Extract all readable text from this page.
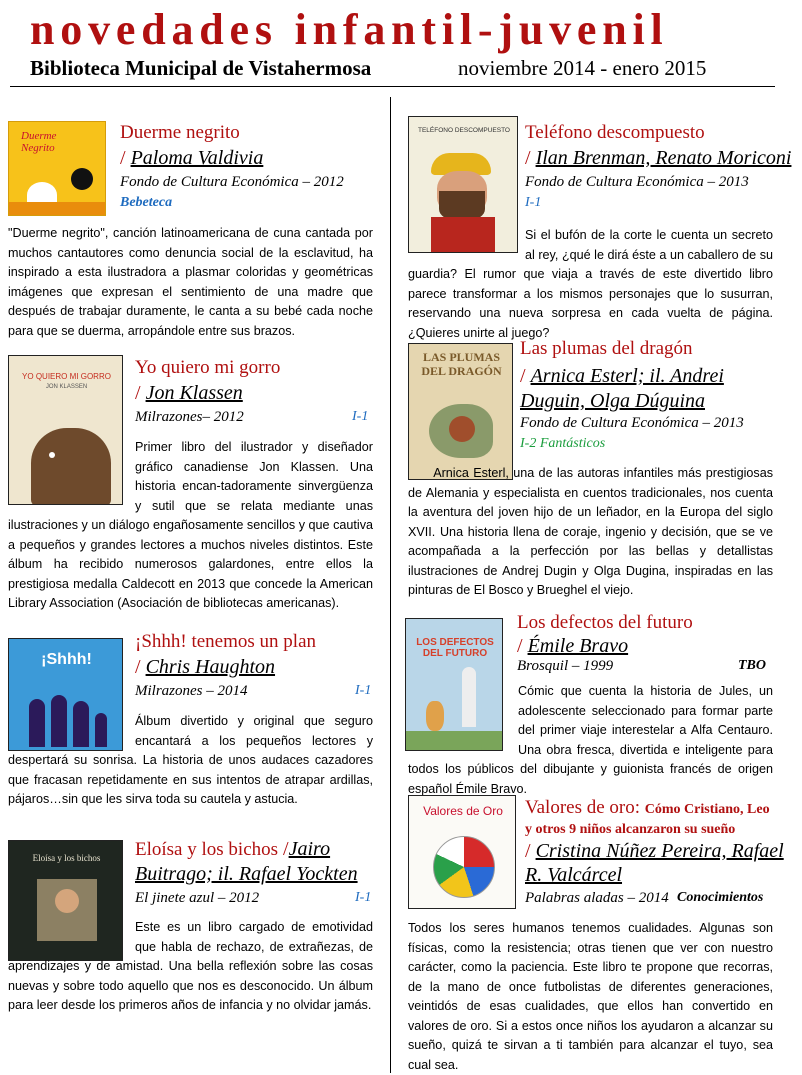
novedades infantil-juvenil
Biblioteca Municipal de Vistahermosa	noviembre 2014 - enero 2015
Duerme Negrito
Duerme negrito
/ Paloma Valdivia
Fondo de Cultura Económica – 2012
Bebeteca
"Duerme negrito", canción latinoamericana de cuna cantada por muchos cantautores como denuncia social de la esclavitud, ha inspirado a esta ilustradora a plasmar coloridas y geométricas imágenes que expresan el sentimiento de una madre que después de trabajar duramente, le canta a su bebé cada noche para que se duerma, arropándole entre sus brazos.
YO QUIERO MI GORRO
JON KLASSEN
Yo quiero mi gorro
/ Jon Klassen
Milrazones– 2012	I-1
Primer libro del ilustrador y diseñador gráfico canadiense Jon Klassen. Una historia encan-tadoramente sinvergüenza y sutil que se relata mediante unas ilustraciones y un diálogo engañosamente sencillos y que cautiva a pequeños y grandes lectores a muchos niveles distintos. Este álbum ha recibido numerosos galardones, entre ellos la prestigiosa medalla Caldecott en 2013 que concede la American Library Association (Asociación de bibliotecas americanas).
¡Shhh!
¡Shhh! tenemos un plan
/ Chris Haughton
Milrazones – 2014	I-1
Álbum divertido y original que seguro encantará a los pequeños lectores y despertará su sonrisa. La historia de unos audaces cazadores que fracasan repetidamente en sus intentos de atrapar ardillas, pájaros…sin que les sirva toda su cautela y astucia.
Eloísa y los bichos	Eloísa y los bichos /Jairo
Buitrago; il. Rafael Yockten
El jinete azul – 2012	I-1
Este es un libro cargado de emotividad que habla de rechazo, de extrañezas, de aprendizajes y de amistad. Una bella reflexión sobre las cosas nuevas y sobre todo aquello que nos es desconocido. Un álbum para leer desde los primeros años de infancia y no olvidar jamás.
TELÉFONO DESCOMPUESTO Teléfono descompuesto
/ Ilan Brenman, Renato Moriconi
Fondo de Cultura Económica – 2013
I-1
Si el bufón de la corte le cuenta un secreto al rey, ¿qué le dirá éste a un caballero de su guardia? El rumor que viaja a través de este divertido libro parece transformar a los mismos personajes que lo susurran, reservando una nueva sorpresa en cada vuelta de página. ¿Quieres unirte al juego?
LAS PLUMAS DEL DRAGÓN
Las plumas del dragón
/ Arnica Esterl; il. Andrei
Duguin, Olga Dúguina
Fondo de Cultura Económica – 2013
I-2 Fantásticos
Arnica Esterl, una de las autoras infantiles más prestigiosas de Alemania y especialista en cuentos tradicionales, nos cuenta la aventura del joven hijo de un leñador, en la Europa del siglo XVII. Una historia llena de coraje, ingenio y decisión, que se ve acompañada a la perfección por las bellas y detallistas ilustraciones de Andrej Dugin y Olga Dugina, inspiradas en las pinturas de El Bosco y Brueghel el viejo.
LOS DEFECTOS DEL FUTURO
Los defectos del futuro
/ Émile Bravo
Brosquil – 1999	TBO
Cómic que cuenta la historia de Jules, un adolescente seleccionado para formar parte del primer viaje interestelar a Alfa Centauro. Una obra fresca, divertida e inteligente para todos los públicos del dibujante y guionista francés de origen español Émile Bravo.
Valores de Oro	Valores de oro: Cómo Cristiano, Leo
y otros 9 niños alcanzaron su sueño
/ Cristina Núñez Pereira, Rafael
R. Valcárcel
Palabras aladas – 2014 Conocimientos
Todos los seres humanos tenemos cualidades. Algunas son físicas, como la resistencia; otras tienen que ver con nuestro carácter, como la paciencia. Este libro te propone que recorras, de la mano de once futbolistas de diferentes generaciones, veintidós de esas cualidades, que ellos han convertido en valores de oro. Si a estos once niños los ayudaron a alcanzar su sueño, quizá te sirvan a ti también para alcanzar el tuyo, sea cual sea.
